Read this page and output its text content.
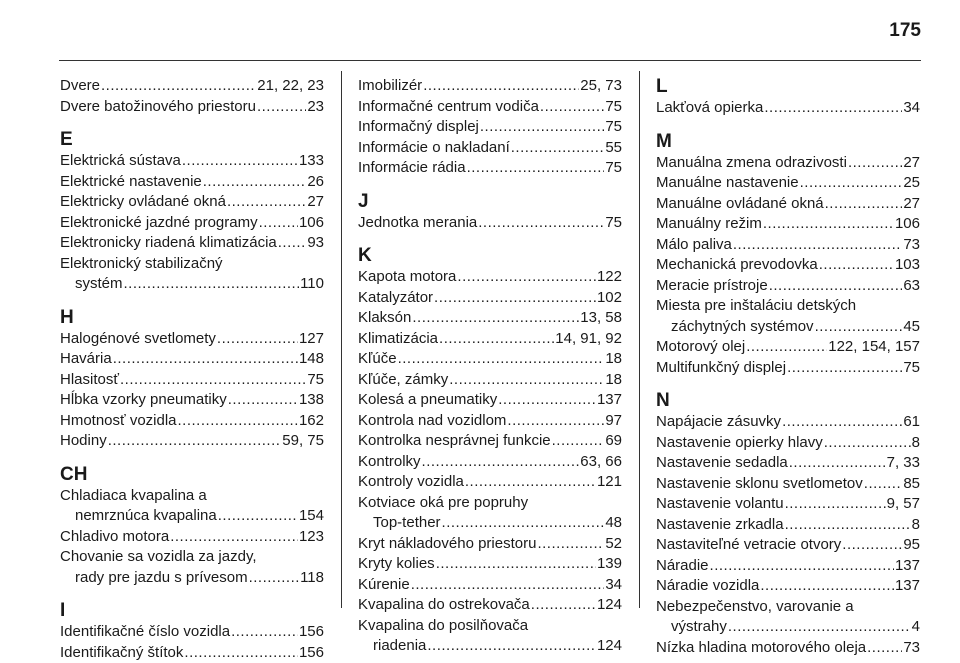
175
Dvere .....	21, 22, 23
Dvere batožinového priestoru .....	23
E
Elektrická sústava .....	133
Elektrické nastavenie .....	26
Elektricky ovládané okná .....	27
Elektronické jazdné programy .....	106
Elektronicky riadená klimatizácia ..... 93
Elektronický stabilizačný
systém .....	110
H
Halogénové svetlomety .....	127
Havária .....	148
Hlasitosť .....	75
Hĺbka vzorky pneumatiky .....	138
Hmotnosť vozidla .....	162
Hodiny .....	59, 75
CH
Chladiaca kvapalina a
nemrznúca kvapalina .....	154
Chladivo motora .....	123
Chovanie sa vozidla za jazdy,
rady pre jazdu s prívesom .....	118
I
Identifikačné číslo vozidla .....	156
Identifikačný štítok .....	156
Imobilizér .....	25, 73
Informačné centrum vodiča .....	75
Informačný displej .....	75
Informácie o nakladaní .....	55
Informácie rádia .....	75
J
Jednotka merania .....	75
K
Kapota motora .....	122
Katalyzátor .....	102
Klaksón .....	13, 58
Klimatizácia .....	14, 91, 92
Kľúče .....	18
Kľúče, zámky .....	18
Kolesá a pneumatiky .....	137
Kontrola nad vozidlom .....	97
Kontrolka nesprávnej funkcie .....	69
Kontrolky .....	63, 66
Kontroly vozidla .....	121
Kotviace oká pre popruhy
Top-tether .....	48
Kryt nákladového priestoru .....	52
Kryty kolies .....	139
Kúrenie .....	34
Kvapalina do ostrekovača .....	124
Kvapalina do posilňovača
riadenia .....	124
L
Lakťová opierka .....	34
M
Manuálna zmena odrazivosti .....	27
Manuálne nastavenie .....	25
Manuálne ovládané okná .....	27
Manuálny režim .....	106
Málo paliva .....	73
Mechanická prevodovka .....	103
Meracie prístroje .....	63
Miesta pre inštaláciu detských
záchytných systémov .....	45
Motorový olej .....	122, 154, 157
Multifunkčný displej .....	75
N
Napájacie zásuvky .....	61
Nastavenie opierky hlavy .....	8
Nastavenie sedadla .....	7, 33
Nastavenie sklonu svetlometov .....	85
Nastavenie volantu .....	9, 57
Nastavenie zrkadla .....	8
Nastaviteľné vetracie otvory .....	95
Náradie .....	137
Náradie vozidla .....	137
Nebezpečenstvo, varovanie a
výstrahy .....	4
Nízka hladina motorového oleja ..... 73
